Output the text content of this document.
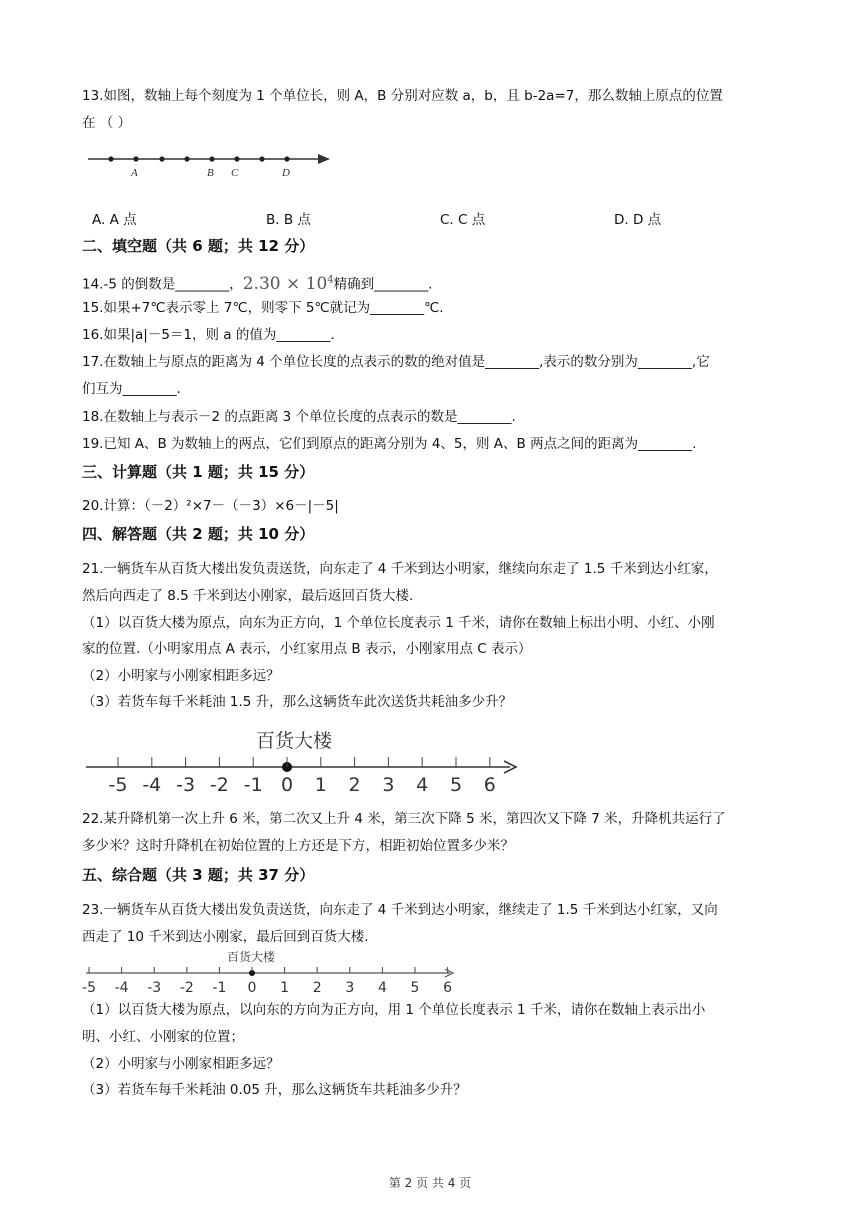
13.如图，数轴上每个刻度为 1 个单位长，则 A，B 分别对应数 a，b，且 b-2a=7，那么数轴上原点的位置
在 （ ）
A	B C	D
A. A 点	B. B 点	C. C 点	D. D 点
二、填空题（共 6 题；共 12 分）
14.-5 的倒数是________，$2.30 \times 10^4$精确到________.
15.如果+7℃表示零上 7℃，则零下 5℃就记为________℃.
16.如果|a|－5＝1，则 a 的值为________.
17.在数轴上与原点的距离为 4 个单位长度的点表示的数的绝对值是________,表示的数分别为________,它
们互为________.
18.在数轴上与表示－2 的点距离 3 个单位长度的点表示的数是________.
19.已知 A、B 为数轴上的两点，它们到原点的距离分别为 4、5，则 A、B 两点之间的距离为________.
三、计算题（共 1 题；共 15 分）
20.计算：（－2）²×7－（－3）×6－|－5|
四、解答题（共 2 题；共 10 分）
21.一辆货车从百货大楼出发负责送货，向东走了 4 千米到达小明家，继续向东走了 1.5 千米到达小红家，
然后向西走了 8.5 千米到达小刚家，最后返回百货大楼.
（1）以百货大楼为原点，向东为正方向，1 个单位长度表示 1 千米，请你在数轴上标出小明、小红、小刚
家的位置.（小明家用点 A 表示，小红家用点 B 表示，小刚家用点 C 表示）
（2）小明家与小刚家相距多远？
（3）若货车每千米耗油 1.5 升，那么这辆货车此次送货共耗油多少升？
百货大楼
-5 -4 -3 -2 -1 0 1 2 3 4 5 6
22.某升降机第一次上升 6 米，第二次又上升 4 米，第三次下降 5 米，第四次又下降 7 米，升降机共运行了
多少米？这时升降机在初始位置的上方还是下方，相距初始位置多少米？
五、综合题（共 3 题；共 37 分）
23.一辆货车从百货大楼出发负责送货，向东走了 4 千米到达小明家，继续走了 1.5 千米到达小红家，又向
西走了 10 千米到达小刚家，最后回到百货大楼.
百货大楼
-5 -4 -3 -2 -1 0 1 2 3 4 5 6
（1）以百货大楼为原点，以向东的方向为正方向，用 1 个单位长度表示 1 千米，请你在数轴上表示出小
明、小红、小刚家的位置；
（2）小明家与小刚家相距多远？
（3）若货车每千米耗油 0.05 升，那么这辆货车共耗油多少升？
第 2 页 共 4 页
